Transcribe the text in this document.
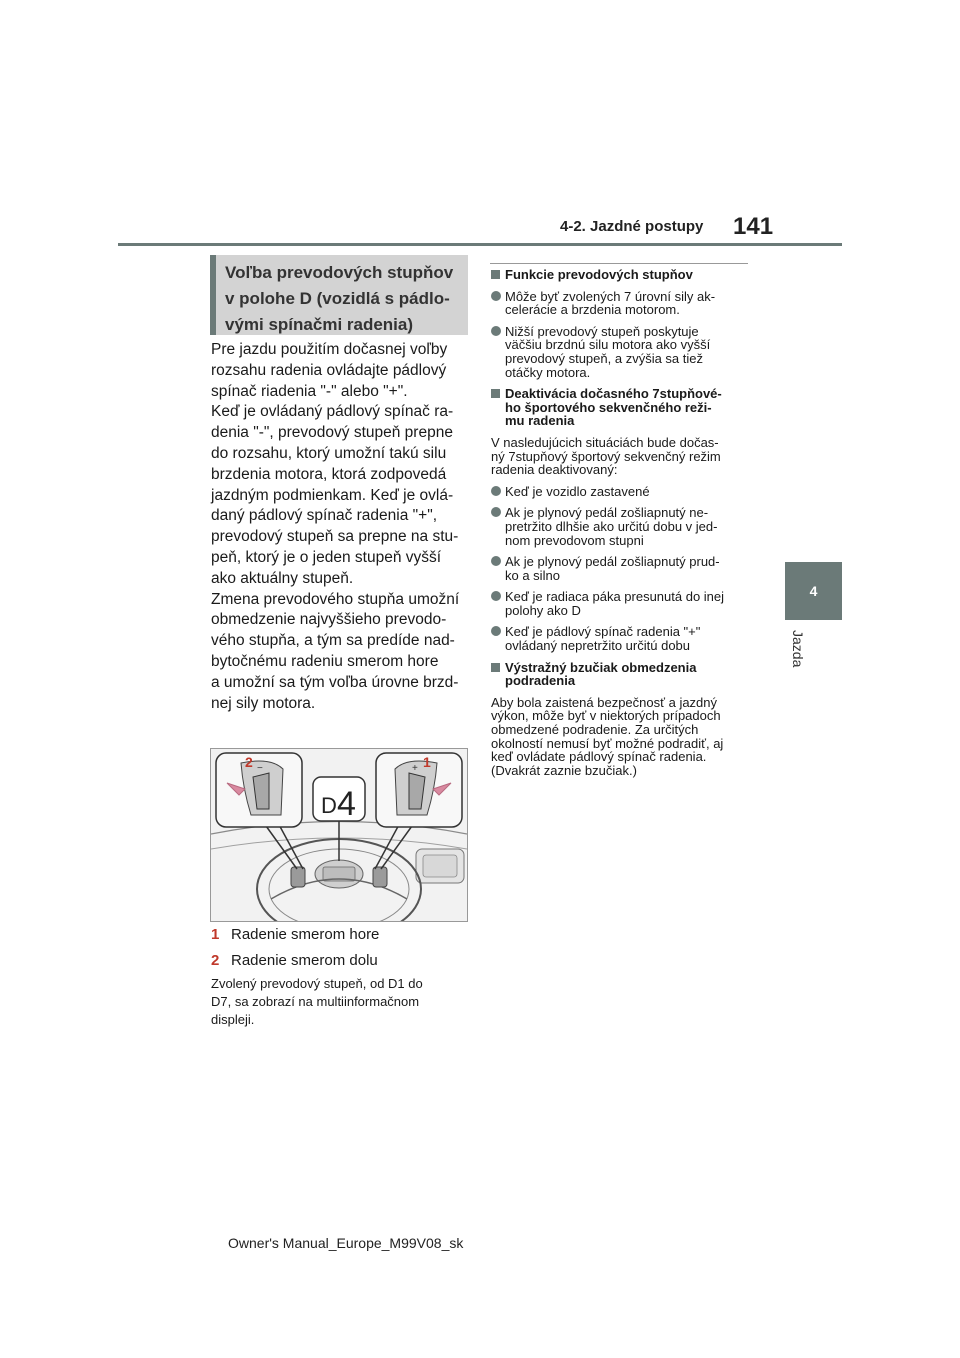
4-2. Jazdné postupy 141
4
Jazda
Voľba prevodových stupňov
v polohe D (vozidlá s pádlo-
vými spínačmi radenia)

Pre jazdu použitím dočasnej voľby

rozsahu radenia ovládajte pádlový

spínač riadenia "-" alebo "+".

Keď je ovládaný pádlový spínač ra-

denia "-", prevodový stupeň prepne

do rozsahu, ktorý umožní takú silu

brzdenia motora, ktorá zodpovedá

jazdným podmienkam. Keď je ovlá-

daný pádlový spínač radenia "+",

prevodový stupeň sa prepne na stu-

peň, ktorý je o jeden stupeň vyšší

ako aktuálny stupeň.

Zmena prevodového stupňa umožní

obmedzenie najvyššieho prevodo-

vého stupňa, a tým sa predíde nad-

bytočnému radeniu smerom hore

a umožní sa tým voľba úrovne brzd-

nej sily motora.

D 4
2	1
−	+
1 Radenie smerom hore
2 Radenie smerom dolu

Zvolený prevodový stupeň, od D1 do

D7, sa zobrazí na multiinformačnom

displeji.

Funkcie prevodových stupňov
Môže byť zvolených 7 úrovní sily ak-
celerácie a brzdenia motorom.
Nižší prevodový stupeň poskytuje
väčšiu brzdnú silu motora ako vyšší
prevodový stupeň, a zvýšia sa tiež
otáčky motora.
Deaktivácia dočasného 7stupňové-
ho športového sekvenčného reži-
mu radenia
V nasledujúcich situáciách bude dočas-
ný 7stupňový športový sekvenčný režim
radenia deaktivovaný:
Keď je vozidlo zastavené
Ak je plynový pedál zošliapnutý ne-
pretržito dlhšie ako určitú dobu v jed-
nom prevodovom stupni
Ak je plynový pedál zošliapnutý prud-
ko a silno
Keď je radiaca páka presunutá do inej
polohy ako D
Keď je pádlový spínač radenia "+"
ovládaný nepretržito určitú dobu
Výstražný bzučiak obmedzenia
podradenia
Aby bola zaistená bezpečnosť a jazdný
výkon, môže byť v niektorých prípadoch
obmedzené podradenie. Za určitých
okolností nemusí byť možné podradiť, aj
keď ovládate pádlový spínač radenia.
(Dvakrát zaznie bzučiak.)
Owner's Manual_Europe_M99V08_sk
